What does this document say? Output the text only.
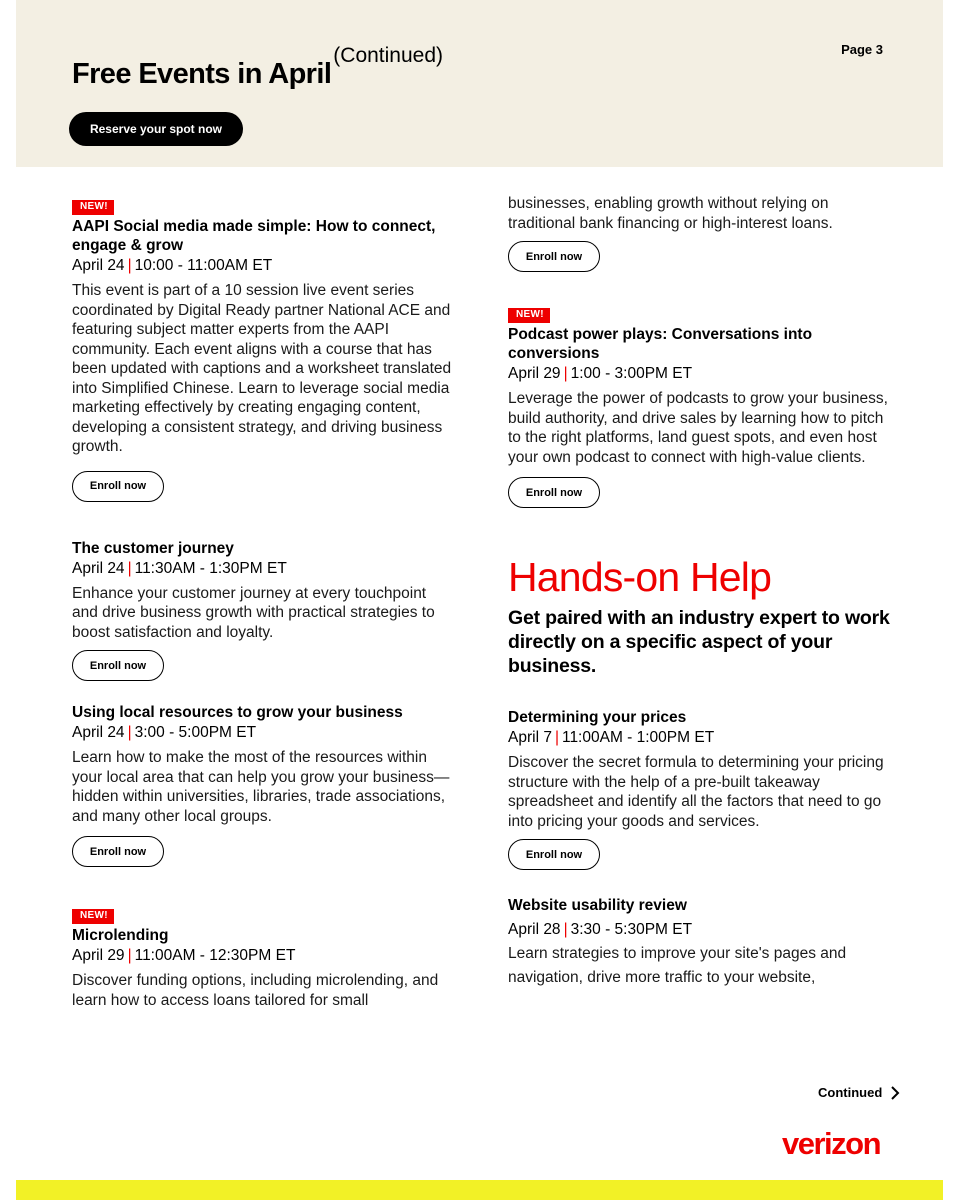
Free Events in April(Continued)	Page 3
Reserve your spot now
NEW!
AAPI Social media made simple: How to connect, engage & grow
April 24 | 10:00 - 11:00AM ET
This event is part of a 10 session live event series coordinated by Digital Ready partner National ACE and featuring subject matter experts from the AAPI community. Each event aligns with a course that has been updated with captions and a worksheet translated into Simplified Chinese. Learn to leverage social media marketing effectively by creating engaging content, developing a consistent strategy, and driving business growth.
Enroll now
The customer journey
April 24 | 11:30AM - 1:30PM ET
Enhance your customer journey at every touchpoint and drive business growth with practical strategies to boost satisfaction and loyalty.
Enroll now
Using local resources to grow your business
April 24 | 3:00 - 5:00PM ET
Learn how to make the most of the resources within your local area that can help you grow your business—hidden within universities, libraries, trade associations, and many other local groups.
Enroll now
NEW!
Microlending
April 29 | 11:00AM - 12:30PM ET
Discover funding options, including microlending, and learn how to access loans tailored for small
businesses, enabling growth without relying on traditional bank financing or high-interest loans.
Enroll now
NEW!
Podcast power plays: Conversations into conversions
April 29 | 1:00 - 3:00PM ET
Leverage the power of podcasts to grow your business, build authority, and drive sales by learning how to pitch to the right platforms, land guest spots, and even host your own podcast to connect with high-value clients.
Enroll now
Hands-on Help
Get paired with an industry expert to work directly on a specific aspect of your business.
Determining your prices
April 7 | 11:00AM - 1:00PM ET
Discover the secret formula to determining your pricing structure with the help of a pre-built takeaway spreadsheet and identify all the factors that need to go into pricing your goods and services.
Enroll now
Website usability review
April 28 | 3:30 - 5:30PM ET
Learn strategies to improve your site's pages and navigation, drive more traffic to your website,
Continued
verizon
